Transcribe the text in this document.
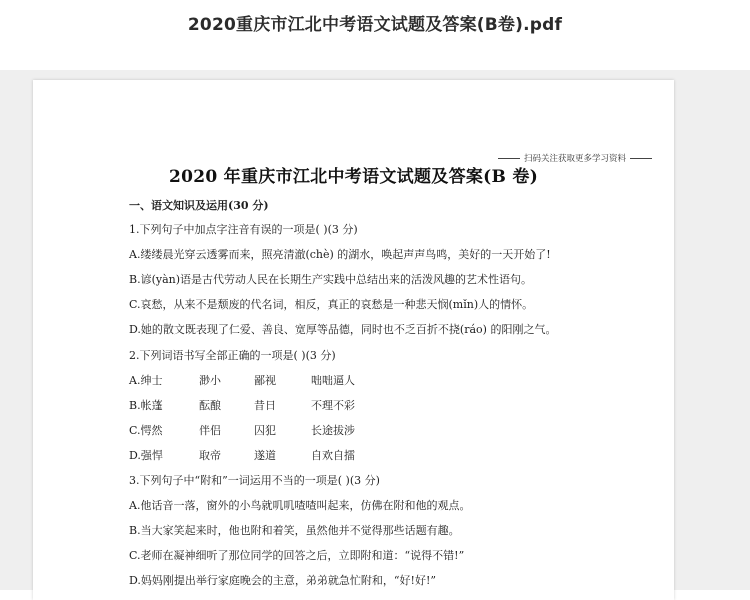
2020重庆市江北中考语文试题及答案(B卷).pdf
扫码关注获取更多学习资料
2020 年重庆市江北中考语文试题及答案(B 卷)
一、语文知识及运用(30 分)
1.下列句子中加点字注音有误的一项是( )(3 分)
A.缕缕晨光穿云透雾而来，照亮清澈(chè) 的湖水，唤起声声鸟鸣，美好的一天开始了!
B.谚(yàn)语是古代劳动人民在长期生产实践中总结出来的活泼风趣的艺术性语句。
C.哀愁，从来不是颓废的代名词，相反，真正的哀愁是一种悲天悯(mǐn)人的情怀。
D.她的散文既表现了仁爱、善良、宽厚等品德，同时也不乏百折不挠(ráo) 的阳刚之气。
2.下列词语书写全部正确的一项是( )(3 分)
A.绅士	渺小	鄙视	咄咄逼人
B.帐蓬	酝酿	昔日	不理不彩
C.愕然	伴侣	囚犯	长途拔涉
D.强悍	取帝	遂道	自欢自擂
3.下列句子中“附和”一词运用不当的一项是( )(3 分)
A.他话音一落，窗外的小鸟就叽叽喳喳叫起来，仿佛在附和他的观点。
B.当大家笑起来时，他也附和着笑，虽然他并不觉得那些话题有趣。
C.老师在凝神细听了那位同学的回答之后，立即附和道：“说得不错!”
D.妈妈刚提出举行家庭晚会的主意，弟弟就急忙附和，“好!好!”
